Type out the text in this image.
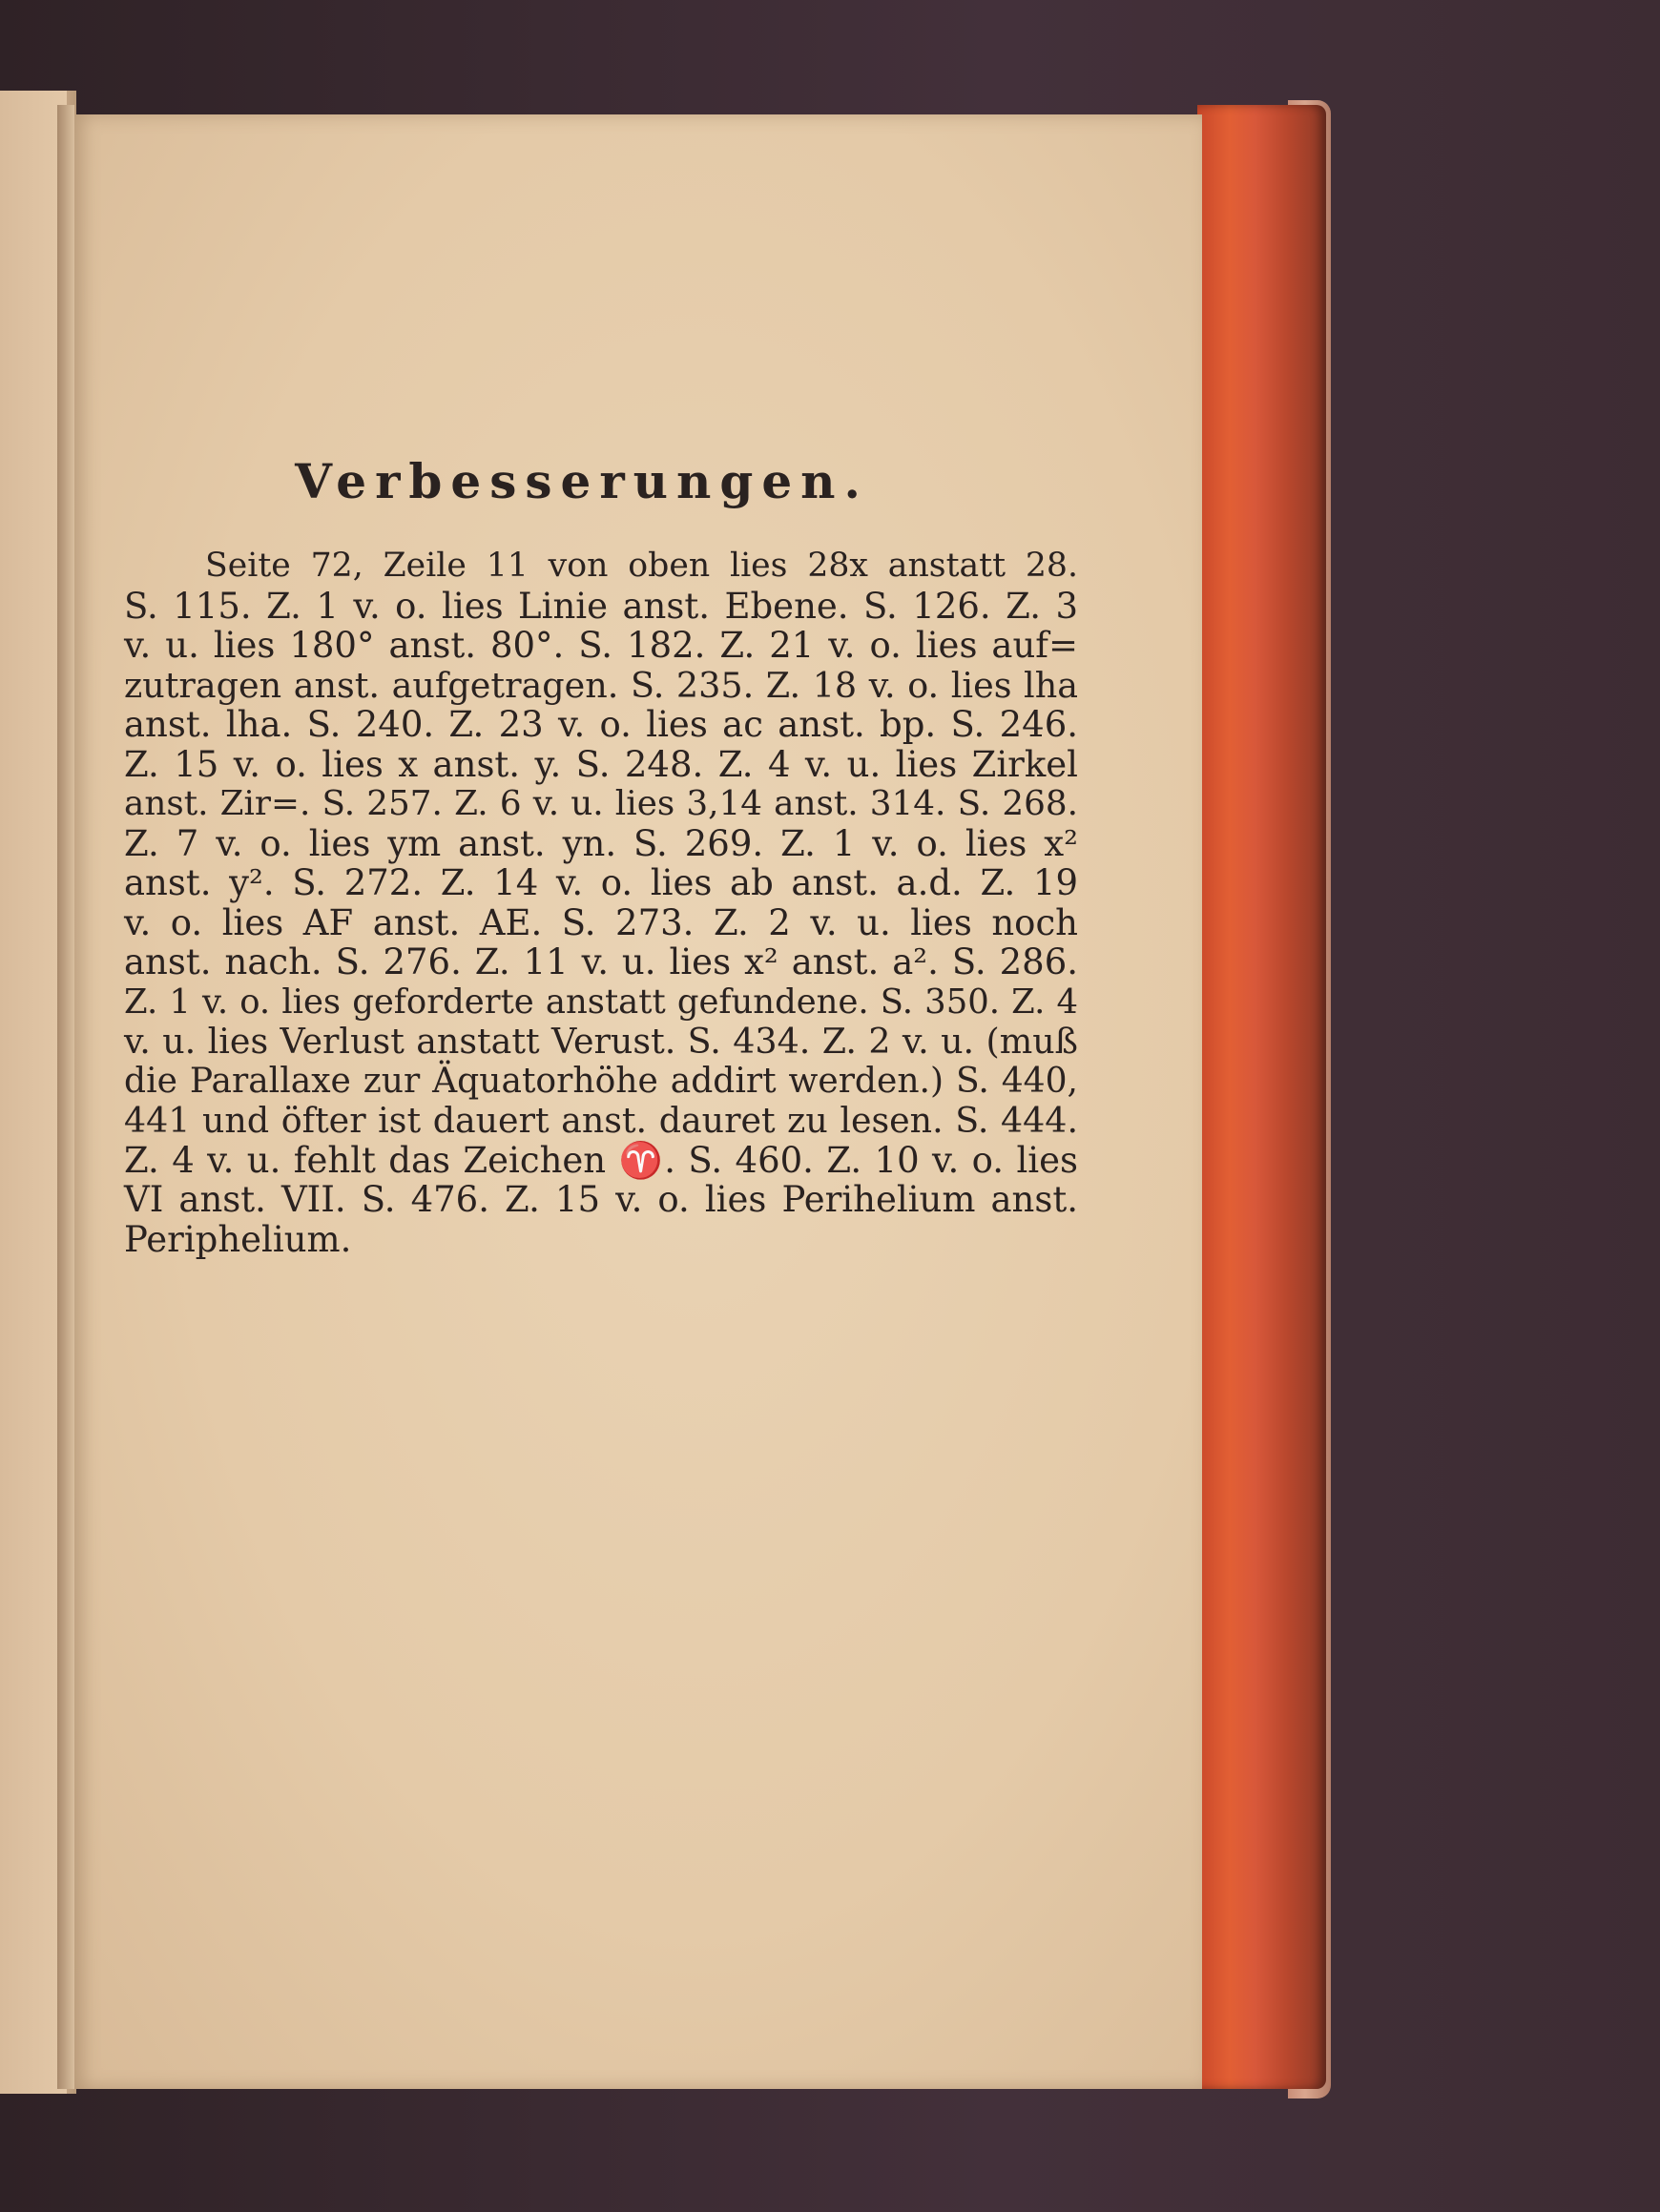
Verbesserungen.
Seite 72, Zeile 11 von oben lies 28x anstatt 28.
S. 115. Z. 1 v. o. lies Linie anst. Ebene. S. 126. Z. 3
v. u. lies 180° anst. 80°. S. 182. Z. 21 v. o. lies auf=
zutragen anst. aufgetragen. S. 235. Z. 18 v. o. lies lha
anst. lha. S. 240. Z. 23 v. o. lies ac anst. bp. S. 246.
Z. 15 v. o. lies x anst. y. S. 248. Z. 4 v. u. lies Zirkel
anst. Zir=. S. 257. Z. 6 v. u. lies 3,14 anst. 314. S. 268.
Z. 7 v. o. lies ym anst. yn. S. 269. Z. 1 v. o. lies x²
anst. y². S. 272. Z. 14 v. o. lies ab anst. a.d. Z. 19
v. o. lies AF anst. AE. S. 273. Z. 2 v. u. lies noch
anst. nach. S. 276. Z. 11 v. u. lies x² anst. a². S. 286.
Z. 1 v. o. lies geforderte anstatt gefundene. S. 350. Z. 4
v. u. lies Verlust anstatt Verust. S. 434. Z. 2 v. u. (muß
die Parallaxe zur Äquatorhöhe addirt werden.) S. 440,
441 und öfter ist dauert anst. dauret zu lesen. S. 444.
Z. 4 v. u. fehlt das Zeichen ♈. S. 460. Z. 10 v. o. lies
VI anst. VII. S. 476. Z. 15 v. o. lies Perihelium anst.
Periphelium.
